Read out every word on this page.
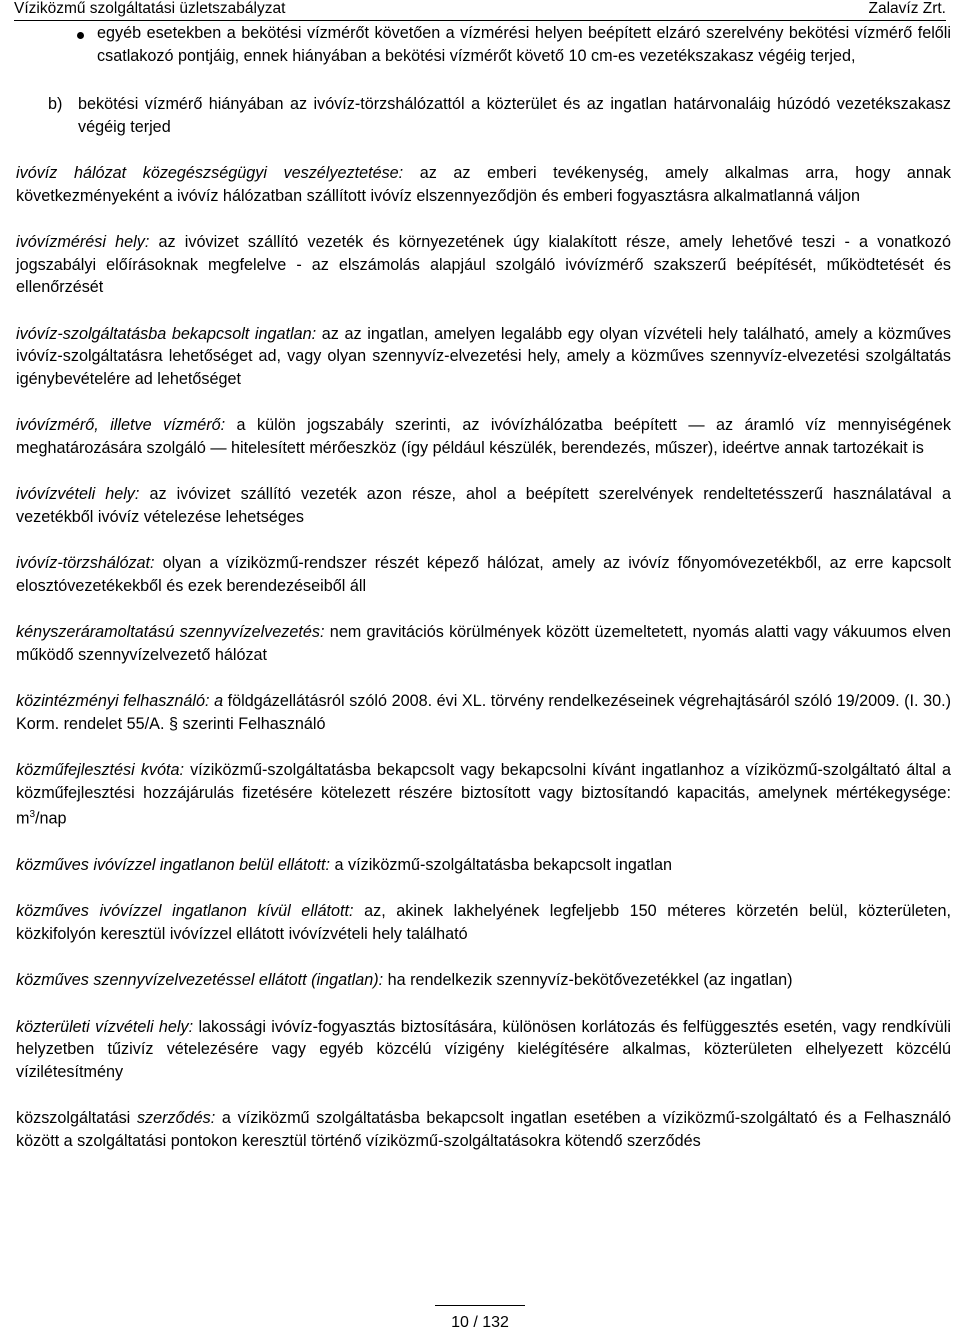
Víziközmű szolgáltatási üzletszabályzat	Zalavíz Zrt.
egyéb esetekben a bekötési vízmérőt követően a vízmérési helyen beépített elzáró szerelvény bekötési vízmérő felőli csatlakozó pontjáig, ennek hiányában a bekötési vízmérőt követő 10 cm-es vezetékszakasz végéig terjed,
b) bekötési vízmérő hiányában az ivóvíz-törzshálózattól a közterület és az ingatlan határvonaláig húzódó vezetékszakasz végéig terjed

ivóvíz hálózat közegészségügyi veszélyeztetése: az az emberi tevékenység, amely alkalmas arra, hogy annak következményeként a ivóvíz hálózatban szállított ivóvíz elszennyeződjön és emberi fogyasztásra alkalmatlanná váljon

ivóvízmérési hely: az ivóvizet szállító vezeték és környezetének úgy kialakított része, amely lehetővé teszi - a vonatkozó jogszabályi előírásoknak megfelelve - az elszámolás alapjául szolgáló ivóvízmérő szakszerű beépítését, működtetését és ellenőrzését

ivóvíz-szolgáltatásba bekapcsolt ingatlan: az az ingatlan, amelyen legalább egy olyan vízvételi hely található, amely a közműves ivóvíz-szolgáltatásra lehetőséget ad, vagy olyan szennyvíz-elvezetési hely, amely a közműves szennyvíz-elvezetési szolgáltatás igénybevételére ad lehetőséget

ivóvízmérő, illetve vízmérő: a külön jogszabály szerinti, az ivóvízhálózatba beépített — az áramló víz mennyiségének meghatározására szolgáló — hitelesített mérőeszköz (így például készülék, berendezés, műszer), ideértve annak tartozékait is

ivóvízvételi hely: az ivóvizet szállító vezeték azon része, ahol a beépített szerelvények rendeltetésszerű használatával a vezetékből ivóvíz vételezése lehetséges

ivóvíz-törzshálózat: olyan a víziközmű-rendszer részét képező hálózat, amely az ivóvíz főnyomóvezetékből, az erre kapcsolt elosztóvezetékekből és ezek berendezéseiből áll

kényszeráramoltatású szennyvízelvezetés: nem gravitációs körülmények között üzemeltetett, nyomás alatti vagy vákuumos elven működő szennyvízelvezető hálózat

közintézményi felhasználó: a földgázellátásról szóló 2008. évi XL. törvény rendelkezéseinek végrehajtásáról szóló 19/2009. (I. 30.) Korm. rendelet 55/A. § szerinti Felhasználó

közműfejlesztési kvóta: víziközmű-szolgáltatásba bekapcsolt vagy bekapcsolni kívánt ingatlanhoz a víziközmű-szolgáltató által a közműfejlesztési hozzájárulás fizetésére kötelezett részére biztosított vagy biztosítandó kapacitás, amelynek mértékegysége: $m^3$/nap

közműves ivóvízzel ingatlanon belül ellátott: a víziközmű-szolgáltatásba bekapcsolt ingatlan

közműves ivóvízzel ingatlanon kívül ellátott: az, akinek lakhelyének legfeljebb 150 méteres körzetén belül, közterületen, közkifolyón keresztül ivóvízzel ellátott ivóvízvételi hely található

közműves szennyvízelvezetéssel ellátott (ingatlan): ha rendelkezik szennyvíz-bekötővezetékkel (az ingatlan)

közterületi vízvételi hely: lakossági ivóvíz-fogyasztás biztosítására, különösen korlátozás és felfüggesztés esetén, vagy rendkívüli helyzetben tűzivíz vételezésére vagy egyéb közcélú vízigény kielégítésére alkalmas, közterületen elhelyezett közcélú vízilétesítmény

közszolgáltatási szerződés: a víziközmű szolgáltatásba bekapcsolt ingatlan esetében a víziközmű-szolgáltató és a Felhasználó között a szolgáltatási pontokon keresztül történő víziközmű-szolgáltatásokra kötendő szerződés

10 / 132
